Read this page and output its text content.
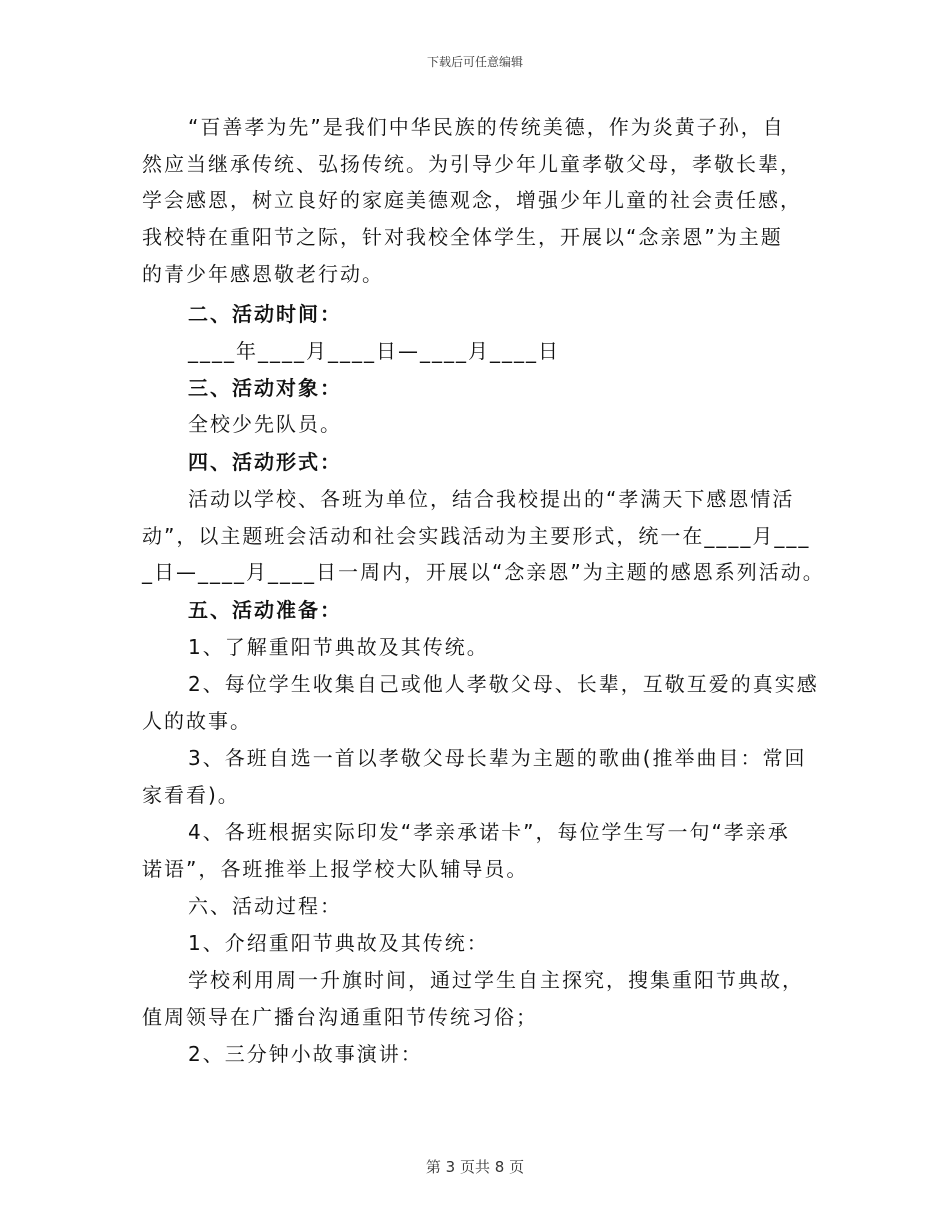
下载后可任意编辑
“百善孝为先”是我们中华民族的传统美德，作为炎黄子孙，自
然应当继承传统、弘扬传统。为引导少年儿童孝敬父母，孝敬长辈，
学会感恩，树立良好的家庭美德观念，增强少年儿童的社会责任感，
我校特在重阳节之际，针对我校全体学生，开展以“念亲恩”为主题
的青少年感恩敬老行动。
二、活动时间：
____年____月____日—____月____日
三、活动对象：
全校少先队员。
四、活动形式：
活动以学校、各班为单位，结合我校提出的“孝满天下感恩情活
动”，以主题班会活动和社会实践活动为主要形式，统一在____月___
_日—____月____日一周内，开展以“念亲恩”为主题的感恩系列活动。
五、活动准备：
1、了解重阳节典故及其传统。
2、每位学生收集自己或他人孝敬父母、长辈，互敬互爱的真实感
人的故事。
3、各班自选一首以孝敬父母长辈为主题的歌曲(推举曲目：常回
家看看)。
4、各班根据实际印发“孝亲承诺卡”，每位学生写一句“孝亲承
诺语”，各班推举上报学校大队辅导员。
六、活动过程：
1、介绍重阳节典故及其传统：
学校利用周一升旗时间，通过学生自主探究，搜集重阳节典故，
值周领导在广播台沟通重阳节传统习俗；
2、三分钟小故事演讲：
第 3 页共 8 页
